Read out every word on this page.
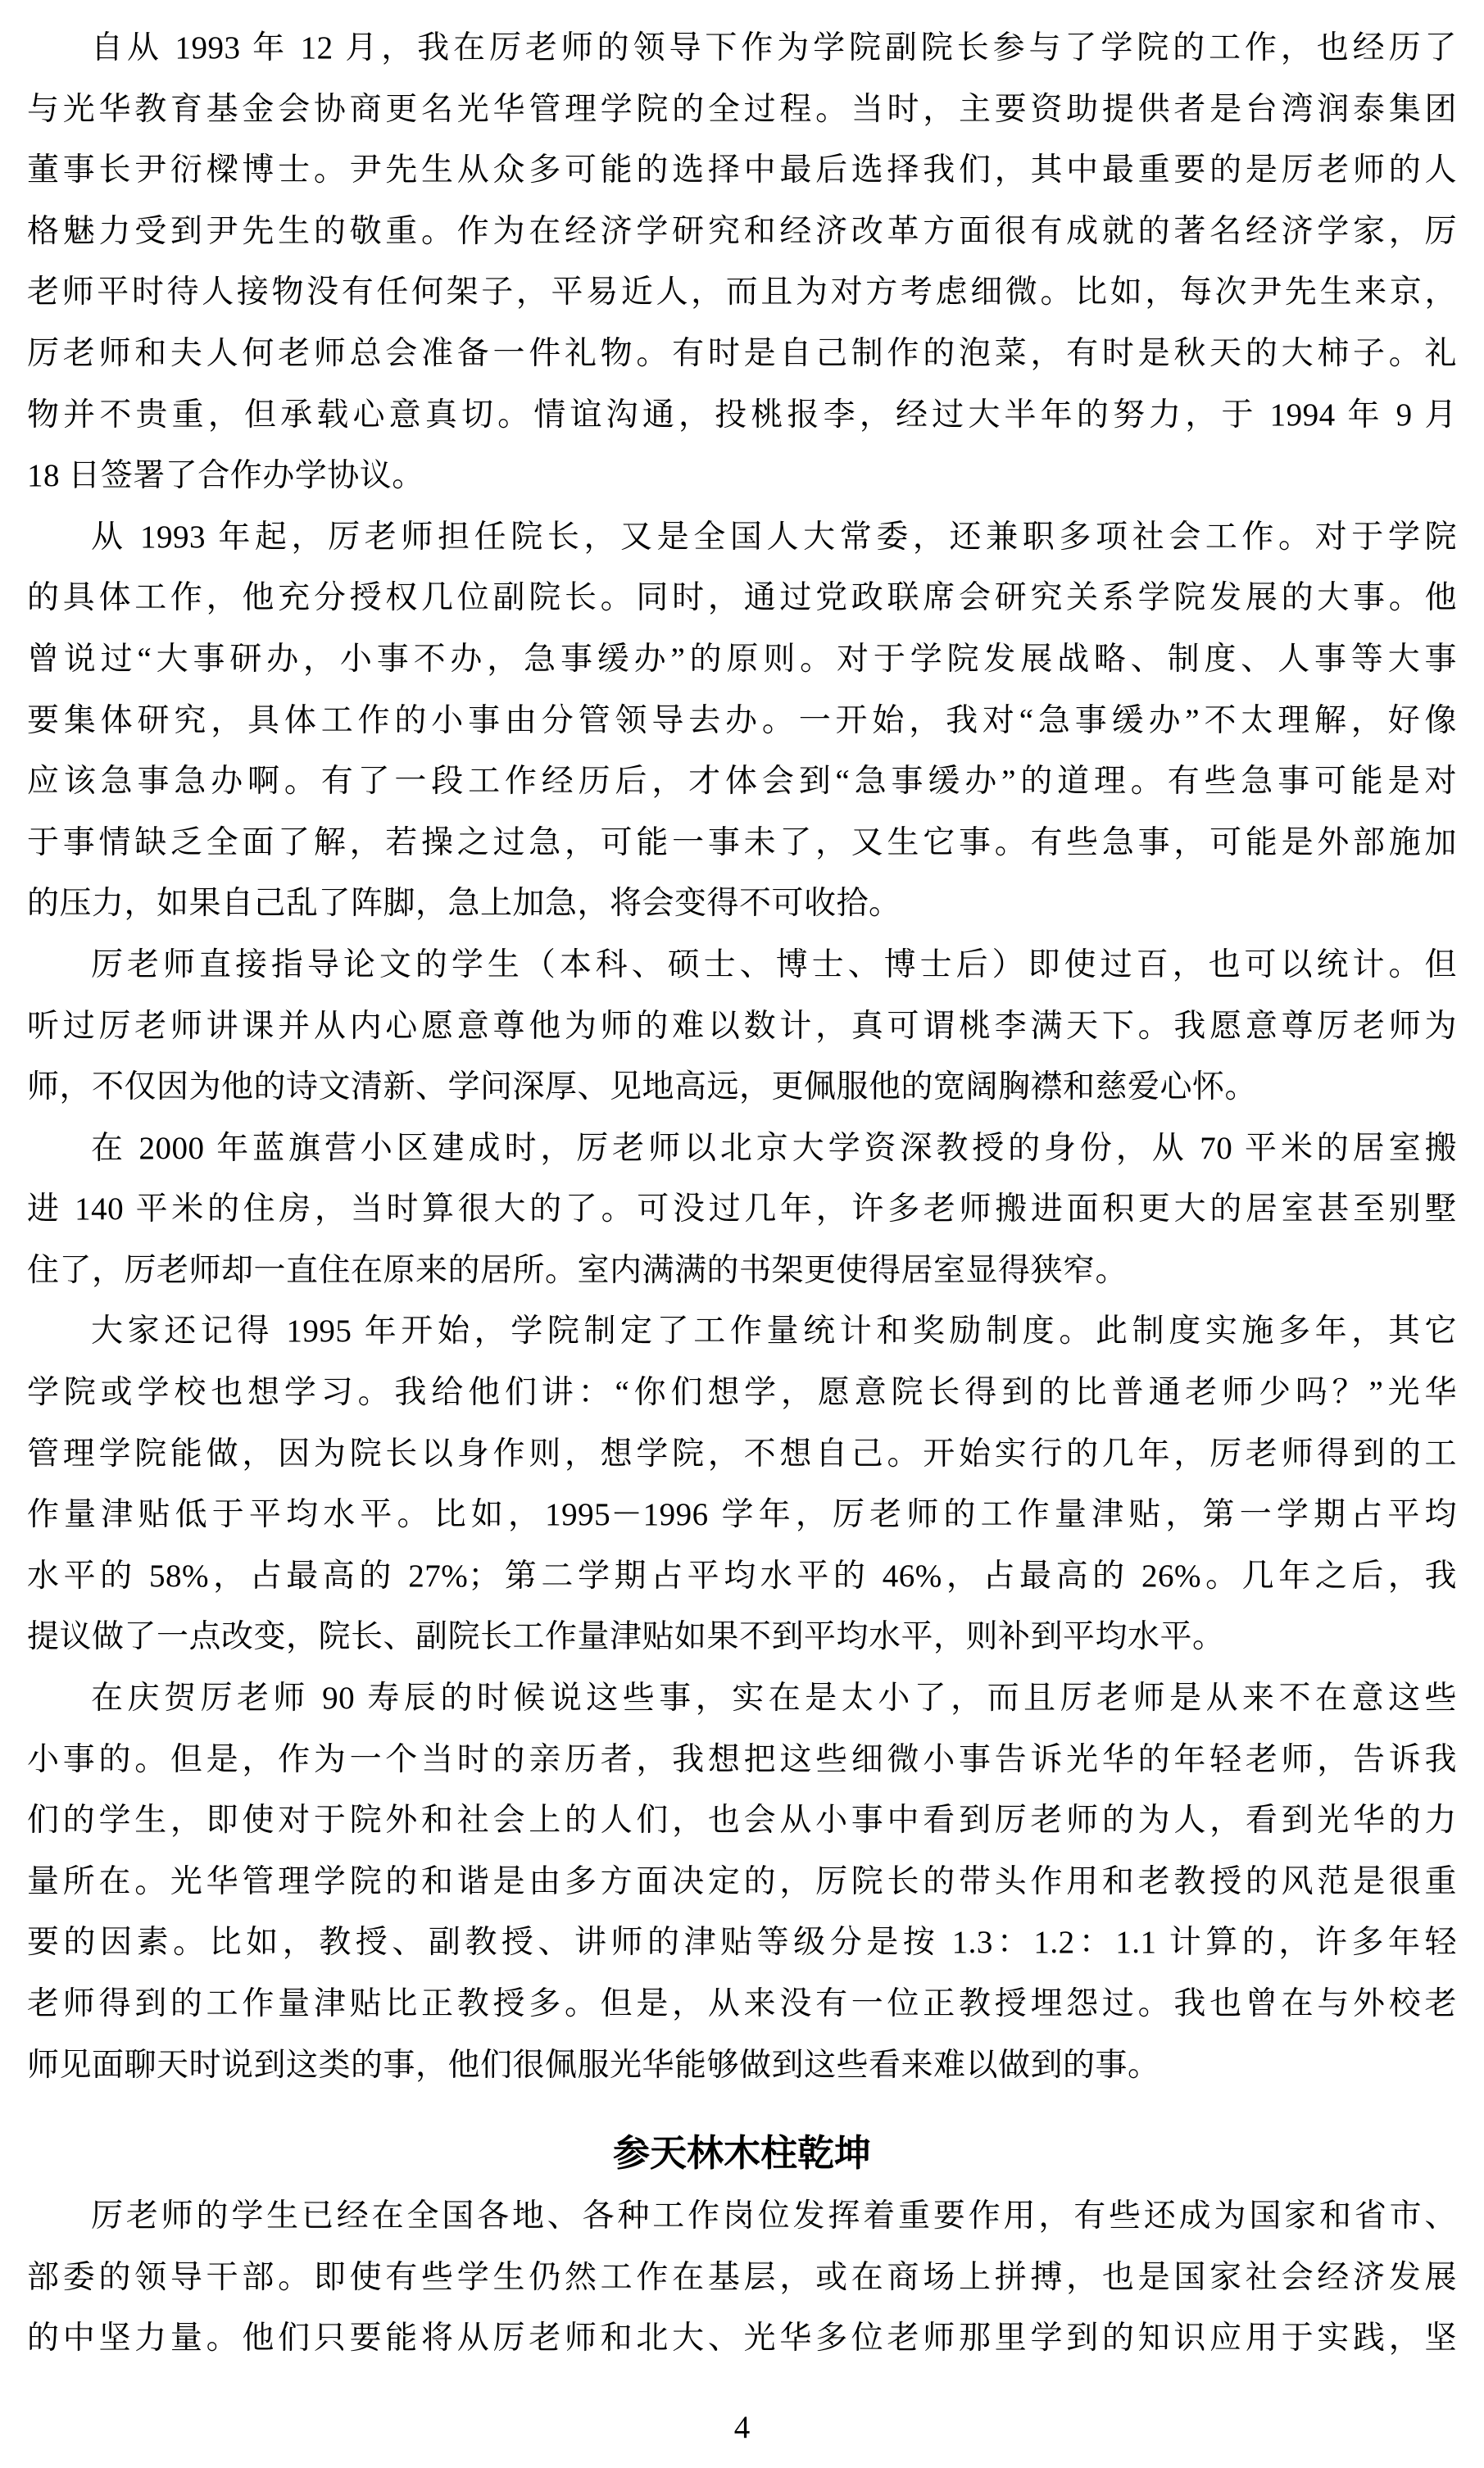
自从 1993 年 12 月，我在厉老师的领导下作为学院副院长参与了学院的工作，也经历了
与光华教育基金会协商更名光华管理学院的全过程。当时，主要资助提供者是台湾润泰集团
董事长尹衍樑博士。尹先生从众多可能的选择中最后选择我们，其中最重要的是厉老师的人
格魅力受到尹先生的敬重。作为在经济学研究和经济改革方面很有成就的著名经济学家，厉
老师平时待人接物没有任何架子，平易近人，而且为对方考虑细微。比如，每次尹先生来京，
厉老师和夫人何老师总会准备一件礼物。有时是自己制作的泡菜，有时是秋天的大柿子。礼
物并不贵重，但承载心意真切。情谊沟通，投桃报李，经过大半年的努力，于 1994 年 9 月
18 日签署了合作办学协议。
从 1993 年起，厉老师担任院长，又是全国人大常委，还兼职多项社会工作。对于学院
的具体工作，他充分授权几位副院长。同时，通过党政联席会研究关系学院发展的大事。他
曾说过“大事研办，小事不办，急事缓办”的原则。对于学院发展战略、制度、人事等大事
要集体研究，具体工作的小事由分管领导去办。一开始，我对“急事缓办”不太理解，好像
应该急事急办啊。有了一段工作经历后，才体会到“急事缓办”的道理。有些急事可能是对
于事情缺乏全面了解，若操之过急，可能一事未了，又生它事。有些急事，可能是外部施加
的压力，如果自己乱了阵脚，急上加急，将会变得不可收拾。
厉老师直接指导论文的学生（本科、硕士、博士、博士后）即使过百，也可以统计。但
听过厉老师讲课并从内心愿意尊他为师的难以数计，真可谓桃李满天下。我愿意尊厉老师为
师，不仅因为他的诗文清新、学问深厚、见地高远，更佩服他的宽阔胸襟和慈爱心怀。
在 2000 年蓝旗营小区建成时，厉老师以北京大学资深教授的身份，从 70 平米的居室搬
进 140 平米的住房，当时算很大的了。可没过几年，许多老师搬进面积更大的居室甚至别墅
住了，厉老师却一直住在原来的居所。室内满满的书架更使得居室显得狭窄。
大家还记得 1995 年开始，学院制定了工作量统计和奖励制度。此制度实施多年，其它
学院或学校也想学习。我给他们讲：“你们想学，愿意院长得到的比普通老师少吗？”光华
管理学院能做，因为院长以身作则，想学院，不想自己。开始实行的几年，厉老师得到的工
作量津贴低于平均水平。比如，1995－1996 学年，厉老师的工作量津贴，第一学期占平均
水平的 58%，占最高的 27%；第二学期占平均水平的 46%，占最高的 26%。几年之后，我
提议做了一点改变，院长、副院长工作量津贴如果不到平均水平，则补到平均水平。
在庆贺厉老师 90 寿辰的时候说这些事，实在是太小了，而且厉老师是从来不在意这些
小事的。但是，作为一个当时的亲历者，我想把这些细微小事告诉光华的年轻老师，告诉我
们的学生，即使对于院外和社会上的人们，也会从小事中看到厉老师的为人，看到光华的力
量所在。光华管理学院的和谐是由多方面决定的，厉院长的带头作用和老教授的风范是很重
要的因素。比如，教授、副教授、讲师的津贴等级分是按 1.3：1.2：1.1 计算的，许多年轻
老师得到的工作量津贴比正教授多。但是，从来没有一位正教授埋怨过。我也曾在与外校老
师见面聊天时说到这类的事，他们很佩服光华能够做到这些看来难以做到的事。
参天林木柱乾坤
厉老师的学生已经在全国各地、各种工作岗位发挥着重要作用，有些还成为国家和省市、
部委的领导干部。即使有些学生仍然工作在基层，或在商场上拼搏，也是国家社会经济发展
的中坚力量。他们只要能将从厉老师和北大、光华多位老师那里学到的知识应用于实践，坚
4
